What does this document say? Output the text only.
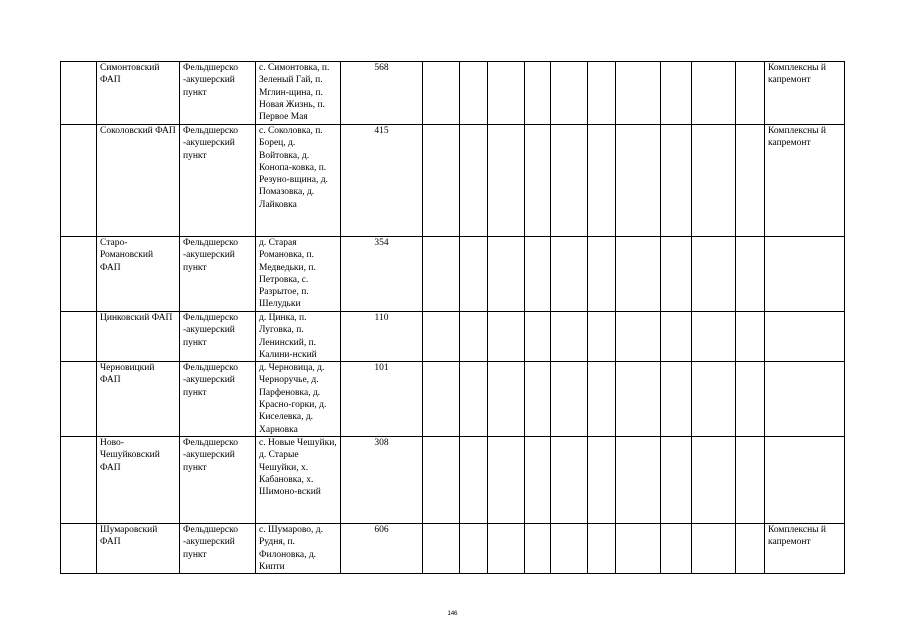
	Симонтовский ФАП	Фельдшерско -акушерский пункт	с. Симонтовка, п. Зеленый Гай, п. Мглин-щина, п. Новая Жизнь, п. Первое Мая	568											Комплексны й капремонт
	Соколовский ФАП	Фельдшерско -акушерский пункт	с. Соколовка, п. Борец, д. Войтовка, д. Конопа-ковка, п. Резуно-вщина, д. Помазовка, д. Лайковка	415											Комплексны й капремонт
	Старо-Романовский ФАП	Фельдшерско -акушерский пункт	д. Старая Романовка, п. Медведьки, п. Петровка, с. Разрытое, п. Шелудьки	354											
	Цинковский ФАП	Фельдшерско -акушерский пункт	д. Цинка, п. Луговка, п. Ленинский, п. Калини-нский	110											
	Черновицкий ФАП	Фельдшерско -акушерский пункт	д. Черновица, д. Черноручье, д. Парфеновка, д. Красно-горки, д. Киселевка, д. Харновка	101											
	Ново-Чешуйковский ФАП	Фельдшерско -акушерский пункт	с. Новые Чешуйки, д. Старые Чешуйки, х. Кабановка, х. Шимоно-вский	308											
	Шумаровский ФАП	Фельдшерско -акушерский пункт	с. Шумарово, д. Рудня, п. Филоновка, д. Кипти	606											Комплексны й капремонт
146
